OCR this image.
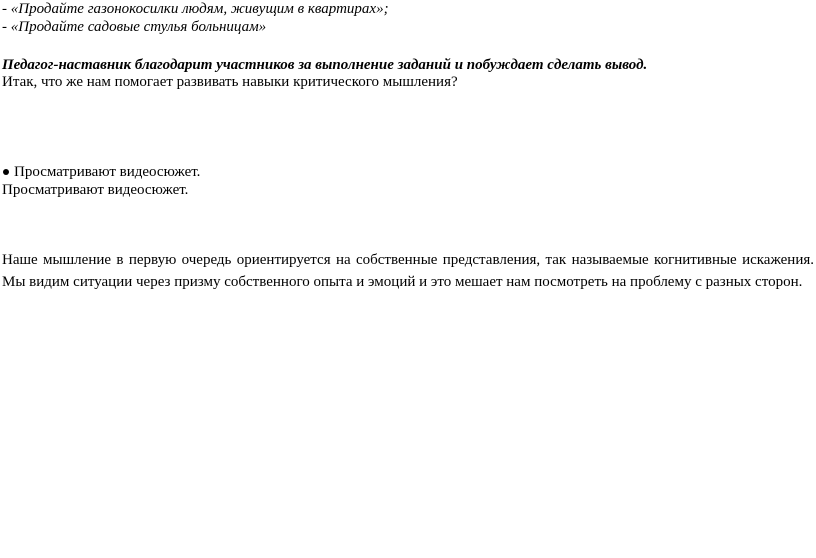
- «Продайте газонокосилки людям, живущим в квартирах»;
- «Продайте садовые стулья больницам»
Педагог-наставник благодарит участников за выполнение заданий и побуждает сделать вывод.
Итак, что же нам помогает развивать навыки критического мышления?
Просматривают видеосюжет.
Просматривают видеосюжет.
Наше мышление в первую очередь ориентируется на собственные представления, так называемые когнитивные искажения. Мы видим ситуации через призму собственного опыта и эмоций и это мешает нам посмотреть на проблему с разных сторон.
